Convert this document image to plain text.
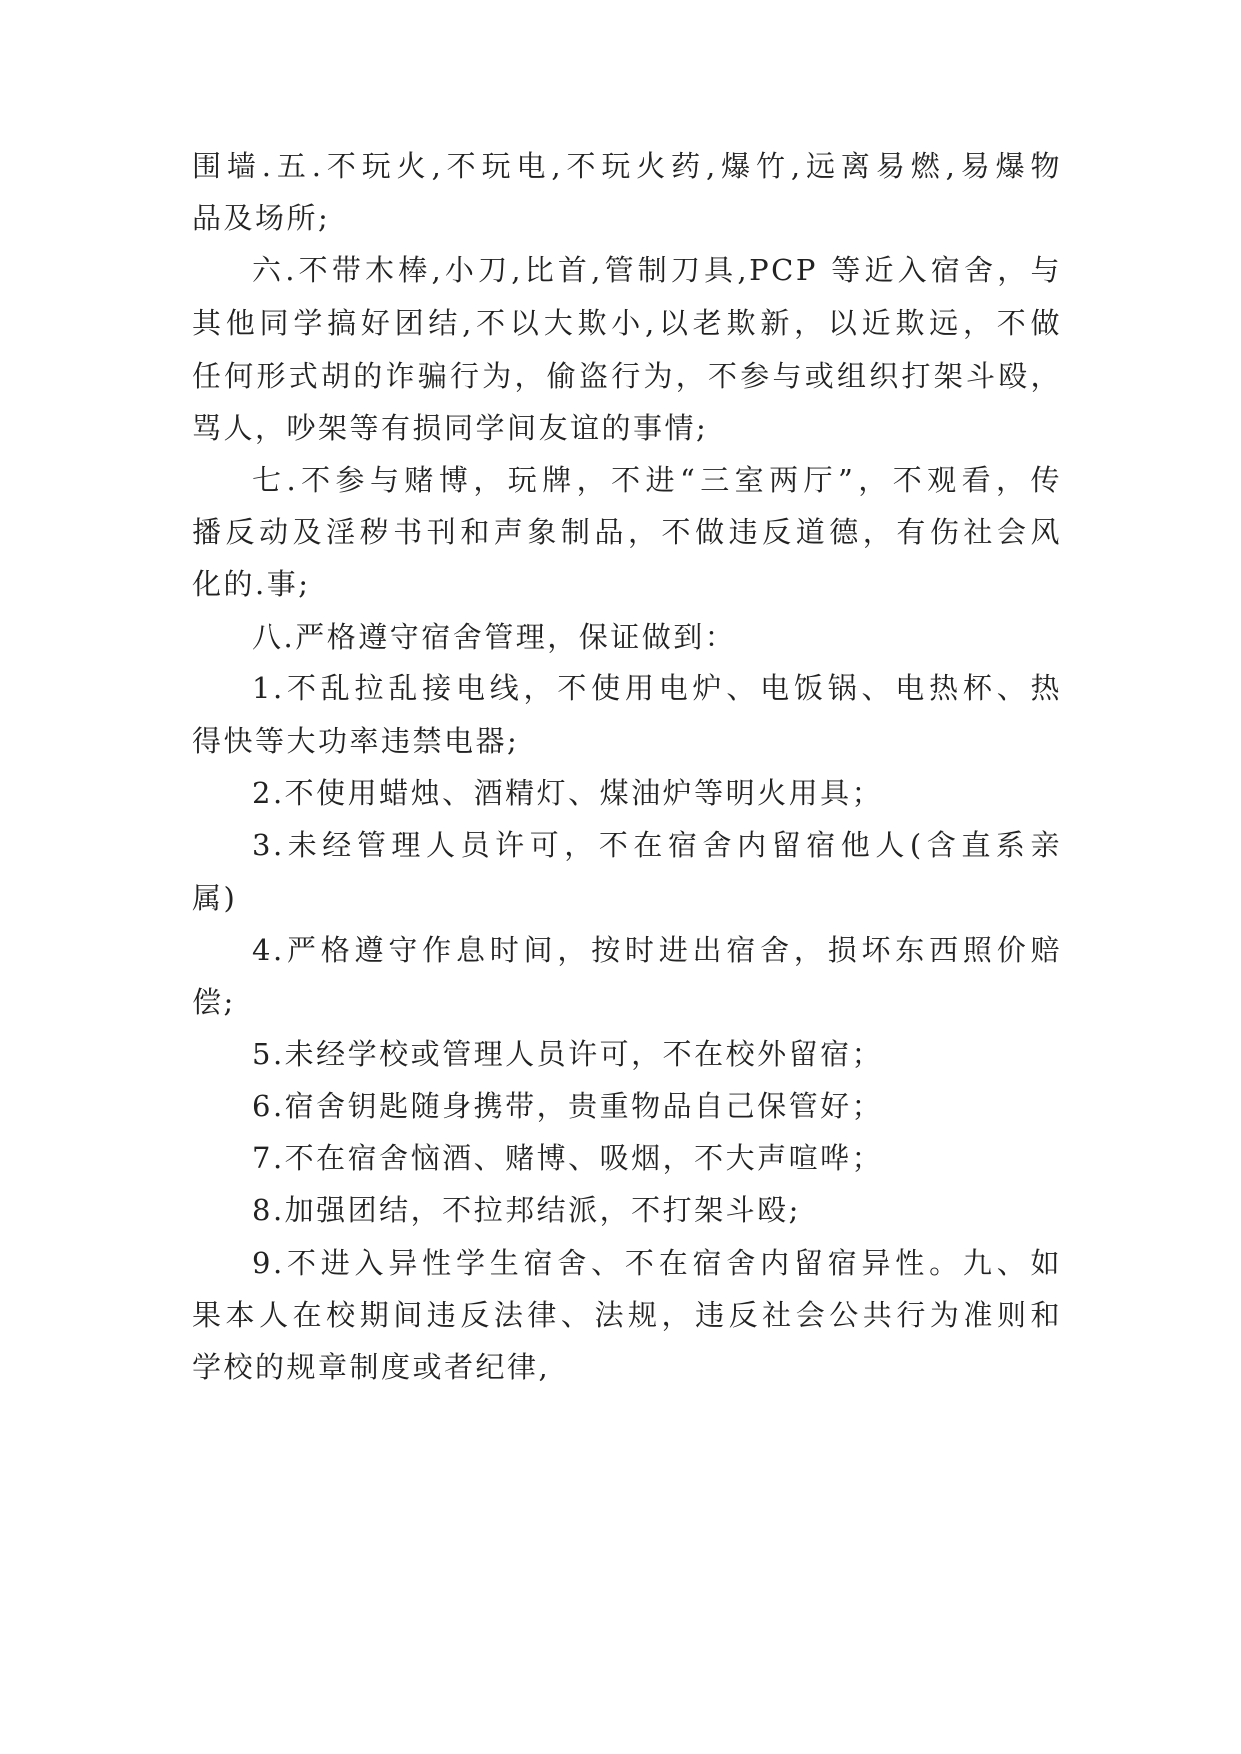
围墙.五.不玩火,不玩电,不玩火药,爆竹,远离易燃,易爆物

品及场所;

六.不带木棒,小刀,比首,管制刀具,PCP 等近入宿舍，与

其他同学搞好团结,不以大欺小,以老欺新，以近欺远，不做

任何形式胡的诈骗行为，偷盗行为，不参与或组织打架斗殴，

骂人，吵架等有损同学间友谊的事情;

七.不参与赌博，玩牌，不进“三室两厅”，不观看，传

播反动及淫秽书刊和声象制品，不做违反道德，有伤社会风

化的.事;

八.严格遵守宿舍管理，保证做到：

1.不乱拉乱接电线，不使用电炉、电饭锅、电热杯、热

得快等大功率违禁电器;

2.不使用蜡烛、酒精灯、煤油炉等明火用具；

3.未经管理人员许可，不在宿舍内留宿他人(含直系亲

属)

4.严格遵守作息时间，按时进出宿舍，损坏东西照价赔

偿;

5.未经学校或管理人员许可，不在校外留宿；

6.宿舍钥匙随身携带，贵重物品自己保管好；

7.不在宿舍恼酒、赌博、吸烟，不大声喧哗；

8.加强团结，不拉邦结派，不打架斗殴;

9.不进入异性学生宿舍、不在宿舍内留宿异性。九、如

果本人在校期间违反法律、法规，违反社会公共行为准则和

学校的规章制度或者纪律,
